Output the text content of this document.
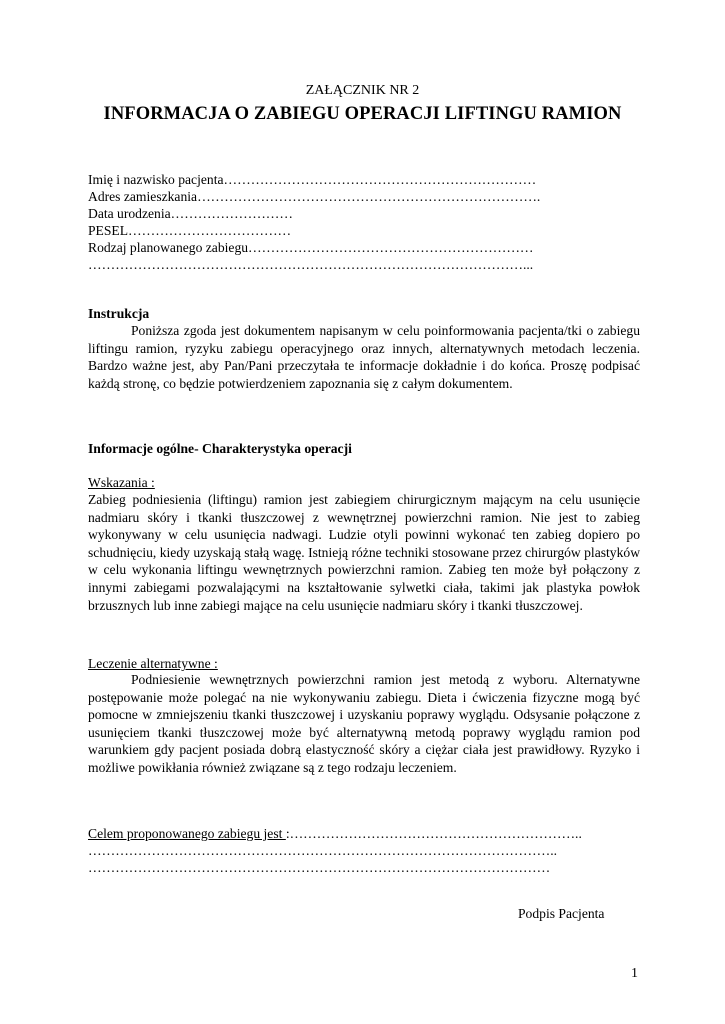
ZAŁĄCZNIK NR 2
INFORMACJA O ZABIEGU OPERACJI LIFTINGU RAMION
Imię i nazwisko pacjenta……………………………………………………………
Adres zamieszkania………………………………………………………………….
Data urodzenia………………………
PESEL………………………………
Rodzaj planowanego zabiegu………………………………………………………
……………………………………………………………………………………...
Instrukcja
Poniższa zgoda jest dokumentem napisanym w celu poinformowania pacjenta/tki o zabiegu liftingu ramion, ryzyku zabiegu operacyjnego oraz innych, alternatywnych metodach leczenia. Bardzo ważne jest, aby Pan/Pani przeczytała te informacje dokładnie i do końca. Proszę podpisać każdą stronę, co będzie potwierdzeniem zapoznania się z całym dokumentem.
Informacje ogólne- Charakterystyka operacji
Wskazania :
Zabieg podniesienia (liftingu) ramion jest zabiegiem chirurgicznym mającym na celu usunięcie nadmiaru skóry i tkanki tłuszczowej z wewnętrznej powierzchni ramion. Nie jest to zabieg wykonywany w celu usunięcia nadwagi. Ludzie otyli powinni wykonać ten zabieg dopiero po schudnięciu, kiedy uzyskają stałą wagę. Istnieją różne techniki stosowane przez chirurgów plastyków w celu wykonania liftingu wewnętrznych powierzchni ramion. Zabieg ten może był połączony z innymi zabiegami pozwalającymi na kształtowanie sylwetki ciała, takimi jak plastyka powłok brzusznych lub inne zabiegi mające na celu usunięcie nadmiaru skóry i tkanki tłuszczowej.
Leczenie alternatywne :
Podniesienie wewnętrznych powierzchni ramion jest metodą z wyboru. Alternatywne postępowanie może polegać na nie wykonywaniu zabiegu. Dieta i ćwiczenia fizyczne mogą być pomocne w zmniejszeniu tkanki tłuszczowej i uzyskaniu poprawy wyglądu. Odsysanie połączone z usunięciem tkanki tłuszczowej może być alternatywną metodą poprawy wyglądu ramion pod warunkiem gdy pacjent posiada dobrą elastyczność skóry a ciężar ciała jest prawidłowy. Ryzyko i możliwe powikłania również związane są z tego rodzaju leczeniem.
Celem proponowanego zabiegu jest :………………………………………………………..
…………………………………………………………………………………………..
…………………………………………………………………………………………
Podpis Pacjenta
1
